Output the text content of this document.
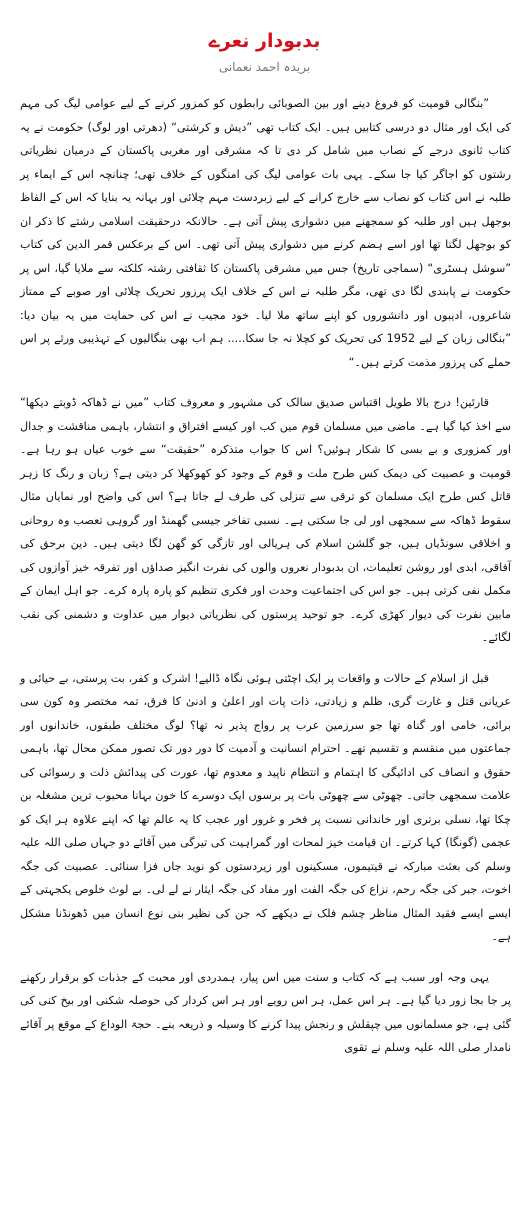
بدبودار نعرے
بریدہ احمد نعمانی

”بنگالی قومیت کو فروغ دینے اور بین الصوبائی رابطوں کو کمزور کرنے کے لیے عوامی لیگ کی مہم کی ایک اور مثال دو درسی کتابیں ہیں۔ ایک کتاب تھی ”دیش و کرشتی“ (دھرتی اور لوگ) حکومت نے یہ کتاب ثانوی درجے کے نصاب میں شامل کر دی تا کہ مشرقی اور مغربی پاکستان کے درمیان نظریاتی رشتوں کو اجاگر کیا جا سکے۔ یہی بات عوامی لیگ کی امنگوں کے خلاف تھی؛ چنانچہ اس کے ایماء پر طلبہ نے اس کتاب کو نصاب سے خارج کرانے کے لیے زبردست مہم چلائی اور بہانہ یہ بنایا کہ اس کے الفاظ بوجھل ہیں اور طلبہ کو سمجھنے میں دشواری پیش آتی ہے۔ حالانکہ درحقیقت اسلامی رشتے کا ذکر ان کو بوجھل لگتا تھا اور اسے ہضم کرنے میں دشواری پیش آتی تھی۔ اس کے برعکس قمر الدین کی کتاب ”سوشل ہسٹری“ (سماجی تاریخ) جس میں مشرقی پاکستان کا ثقافتی رشتہ کلکتہ سے ملایا گیا، اس پر حکومت نے پابندی لگا دی تھی، مگر طلبہ نے اس کے خلاف ایک پرزور تحریک چلائی اور صوبے کے ممتاز شاعروں، ادیبوں اور دانشوروں کو اپنے ساتھ ملا لیا۔ خود مجیب نے اس کی حمایت میں یہ بیان دیا: ”بنگالی زبان کے لیے 1952 کی تحریک کو کچلا نہ جا سکا..... ہم اب بھی بنگالیوں کے تہذیبی ورثے پر اس حملے کی پرزور مذمت کرتے ہیں۔“

قارئین! درج بالا طویل اقتباس صدیق سالک کی مشہور و معروف کتاب ”میں نے ڈھاکہ ڈوبتے دیکھا“ سے اخذ کیا گیا ہے۔ ماضی میں مسلمان قوم میں کب اور کیسے افتراق و انتشار، باہمی مناقشت و جدال اور کمزوری و بے بسی کا شکار ہوئیں؟ اس کا جواب متذکرہ ”حقیقت“ سے خوب عیاں ہو رہا ہے۔ قومیت و عصبیت کی دیمک کس طرح ملت و قوم کے وجود کو کھوکھلا کر دیتی ہے؟ زبان و رنگ کا زہر قاتل کس طرح ایک مسلمان کو ترقی سے تنزلی کی طرف لے جاتا ہے؟ اس کی واضح اور نمایاں مثال سقوط ڈھاکہ سے سمجھی اور لی جا سکتی ہے۔ نسبی تفاخر جیسی گھمنڈ اور گروہی تعصب وہ روحانی و اخلاقی سونڈیاں ہیں، جو گلشن اسلام کی ہریالی اور تازگی کو گھن لگا دیتی ہیں۔ دین برحق کی آفاقی، ابدی اور روشن تعلیمات، ان بدبودار نعروں والوں کی نفرت انگیز صداؤں اور تفرقہ خیز آوازوں کی مکمل نفی کرتی ہیں۔ جو اس کی اجتماعیت وحدت اور فکری تنظیم کو پارہ پارہ کرے۔ جو اہل ایمان کے مابین نفرت کی دیوار کھڑی کرے۔ جو توحید پرستوں کی نظریاتی دیوار میں عداوت و دشمنی کی نقب لگائے۔

قبل از اسلام کے حالات و واقعات پر ایک اچٹتی ہوئی نگاہ ڈالیے! اشرک و کفر، بت پرستی، بے حیائی و عریانی قتل و غارت گری، ظلم و زیادتی، ذات پات اور اعلیٰ و ادنیٰ کا فرق، تمہ مختصر وہ کون سی برائی، خامی اور گناہ تھا جو سرزمین عرب پر رواج پذیر نہ تھا؟ لوگ مختلف طبقوں، خاندانوں اور جماعتوں میں منقسم و تقسیم تھے۔ احترام انسانیت و آدمیت کا دور دور تک تصور ممکن محال تھا، باہمی حقوق و انصاف کی ادائیگی کا اہتمام و انتظام ناپید و معدوم تھا، عورت کی پیدائش ذلت و رسوائی کی علامت سمجھی جاتی۔ چھوٹی سے چھوٹی بات پر برسوں ایک دوسرے کا خون بہانا محبوب ترین مشغلہ بن چکا تھا، نسلی برتری اور خاندانی نسبت پر فخر و غرور اور عجب کا یہ عالم تھا کہ اپنے علاوہ ہر ایک کو عجمی (گونگا) کہا کرتے۔ ان قیامت خیز لمحات اور گمراہیت کی تیرگی میں آقائے دو جہاں صلی اللہ علیہ وسلم کی بعثت مبارکہ نے قیتیموں، مسکینوں اور زیردستوں کو نوید جاں فزا سنائی۔ عصبیت کی جگہ اخوت، جبر کی جگہ رحم، نزاع کی جگہ الفت اور مفاد کی جگہ ایثار نے لے لی۔ بے لوث خلوص یکجہتی کے ایسے ایسے فقید المثال مناظر چشم فلک نے دیکھے کہ جن کی نظیر بنی نوع انسان میں ڈھونڈنا مشکل ہے۔

یہی وجہ اور سبب ہے کہ کتاب و سنت میں اس پیار، ہمدردی اور محبت کے جذبات کو برقرار رکھنے پر جا بجا زور دیا گیا ہے۔ ہر اس عمل، ہر اس رویے اور ہر اس کردار کی حوصلہ شکنی اور بیخ کنی کی گئی ہے، جو مسلمانوں میں چپقلش و رنجش پیدا کرنے کا وسیلہ و ذریعہ بنے۔ حجۃ الوداع کے موقع پر آقائے نامدار صلی اللہ علیہ وسلم نے تقوی
